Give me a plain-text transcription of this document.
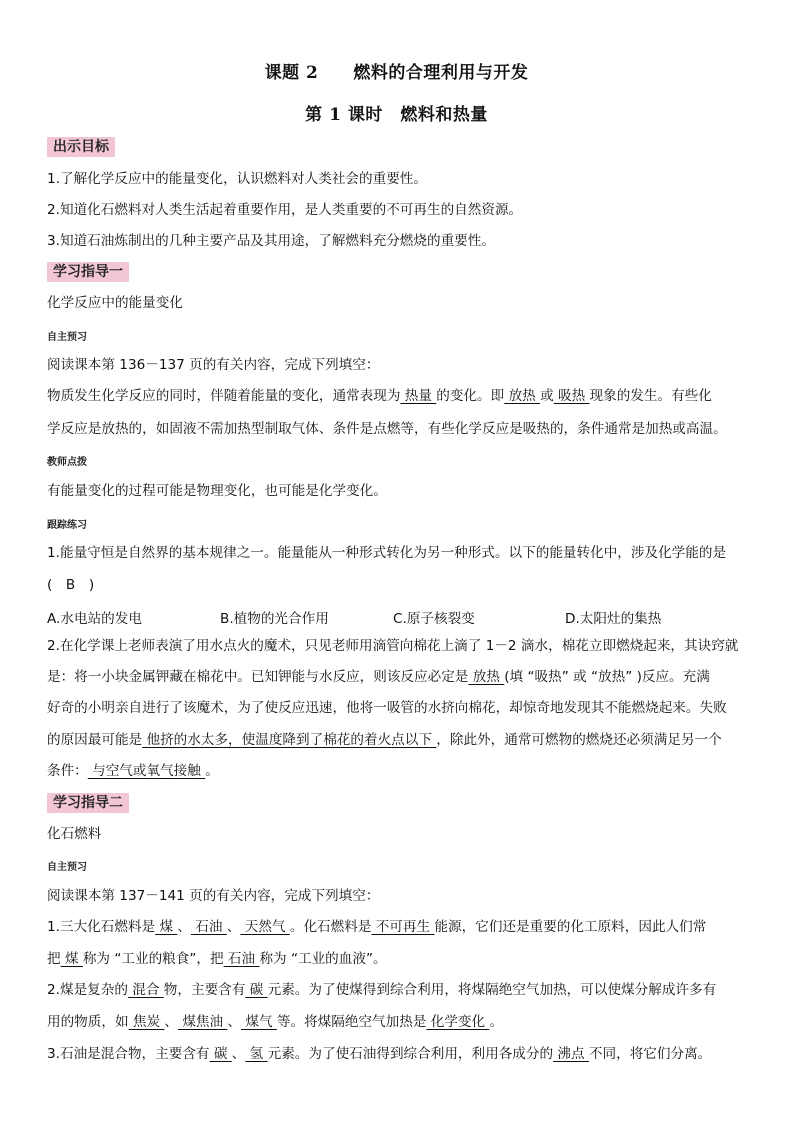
课题 2　　燃料的合理利用与开发
第 1 课时　燃料和热量
出示目标
1.了解化学反应中的能量变化，认识燃料对人类社会的重要性。
2.知道化石燃料对人类生活起着重要作用，是人类重要的不可再生的自然资源。
3.知道石油炼制出的几种主要产品及其用途，了解燃料充分燃烧的重要性。
学习指导一
化学反应中的能量变化
自主预习
阅读课本第 136－137 页的有关内容，完成下列填空：
物质发生化学反应的同时，伴随着能量的变化，通常表现为 热量 的变化。即 放热 或 吸热 现象的发生。有些化
学反应是放热的，如固液不需加热型制取气体、条件是点燃等，有些化学反应是吸热的，条件通常是加热或高温。
教师点拨
有能量变化的过程可能是物理变化，也可能是化学变化。
跟踪练习
1.能量守恒是自然界的基本规律之一。能量能从一种形式转化为另一种形式。以下的能量转化中，涉及化学能的是
(　B　)
A.水电站的发电	B.植物的光合作用	C.原子核裂变	D.太阳灶的集热
2.在化学课上老师表演了用水点火的魔术，只见老师用滴管向棉花上滴了 1－2 滴水，棉花立即燃烧起来，其诀窍就
是：将一小块金属钾藏在棉花中。已知钾能与水反应，则该反应必定是 放热 (填 “吸热” 或 “放热” )反应。充满
好奇的小明亲自进行了该魔术，为了使反应迅速，他将一吸管的水挤向棉花，却惊奇地发现其不能燃烧起来。失败
的原因最可能是 他挤的水太多，使温度降到了棉花的着火点以下 ，除此外，通常可燃物的燃烧还必须满足另一个
条件： 与空气或氧气接触 。
学习指导二
化石燃料
自主预习
阅读课本第 137－141 页的有关内容，完成下列填空：
1.三大化石燃料是 煤 、 石油 、 天然气 。化石燃料是 不可再生 能源，它们还是重要的化工原料，因此人们常
把 煤 称为 “工业的粮食”，把 石油 称为 “工业的血液”。
2.煤是复杂的 混合 物，主要含有 碳 元素。为了使煤得到综合利用，将煤隔绝空气加热，可以使煤分解成许多有
用的物质，如 焦炭 、 煤焦油 、 煤气 等。将煤隔绝空气加热是 化学变化 。
3.石油是混合物，主要含有 碳 、 氢 元素。为了使石油得到综合利用，利用各成分的 沸点 不同，将它们分离。
